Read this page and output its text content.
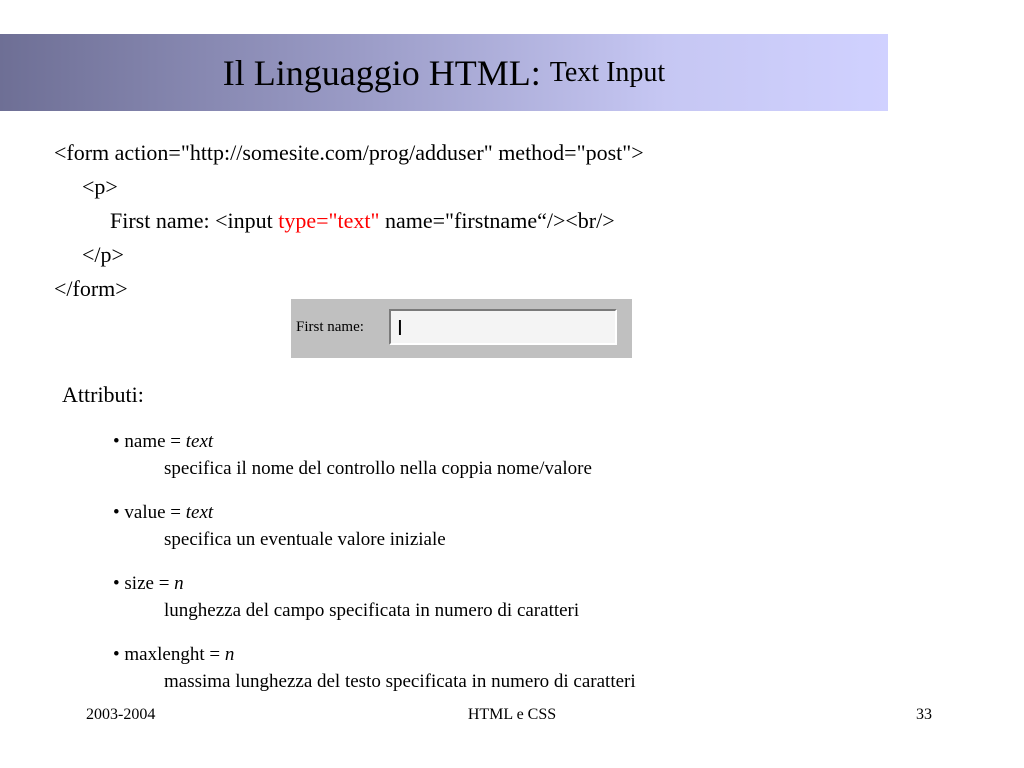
Il Linguaggio HTML: Text Input
<form action="http://somesite.com/prog/adduser" method="post">
<p>
First name: <input type="text" name="firstname“/><br/>
</p>
</form>
First name: I
Attributi:
• name = text
specifica il nome del controllo nella coppia nome/valore
• value = text
specifica un eventuale valore iniziale
• size = n
lunghezza del campo specificata in numero di caratteri
• maxlenght = n
massima lunghezza del testo specificata in numero di caratteri
2003-2004	HTML e CSS	33
